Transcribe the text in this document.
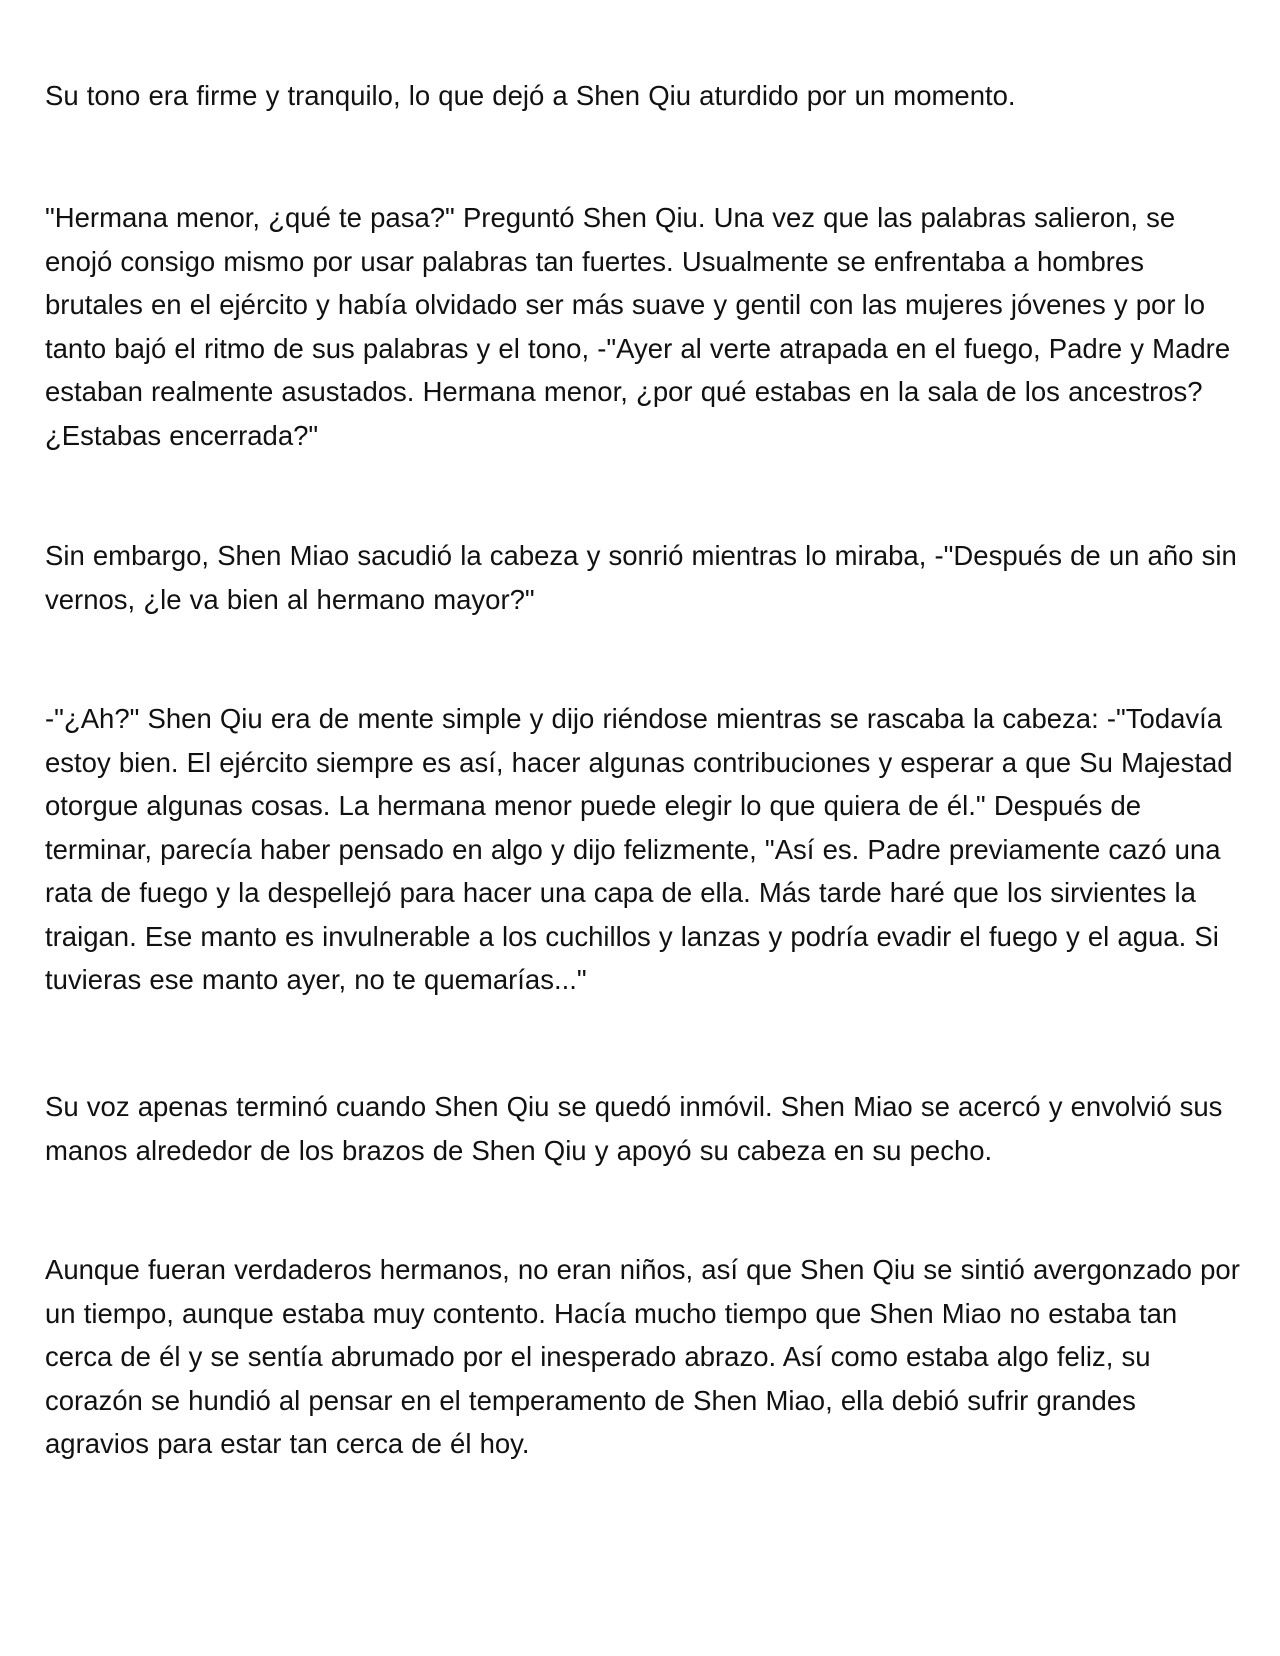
Su tono era firme y tranquilo, lo que dejó a Shen Qiu aturdido por un momento.

"Hermana menor, ¿qué te pasa?" Preguntó Shen Qiu. Una vez que las palabras salieron, se enojó consigo mismo por usar palabras tan fuertes. Usualmente se enfrentaba a hombres brutales en el ejército y había olvidado ser más suave y gentil con las mujeres jóvenes y por lo tanto bajó el ritmo de sus palabras y el tono, -"Ayer al verte atrapada en el fuego, Padre y Madre estaban realmente asustados. Hermana menor, ¿por qué estabas en la sala de los ancestros? ¿Estabas encerrada?"

Sin embargo, Shen Miao sacudió la cabeza y sonrió mientras lo miraba, -"Después de un año sin vernos, ¿le va bien al hermano mayor?"

-"¿Ah?" Shen Qiu era de mente simple y dijo riéndose mientras se rascaba la cabeza: -"Todavía estoy bien. El ejército siempre es así, hacer algunas contribuciones y esperar a que Su Majestad otorgue algunas cosas. La hermana menor puede elegir lo que quiera de él." Después de terminar, parecía haber pensado en algo y dijo felizmente, "Así es. Padre previamente cazó una rata de fuego y la despellejó para hacer una capa de ella. Más tarde haré que los sirvientes la traigan. Ese manto es invulnerable a los cuchillos y lanzas y podría evadir el fuego y el agua. Si tuvieras ese manto ayer, no te quemarías..."

Su voz apenas terminó cuando Shen Qiu se quedó inmóvil. Shen Miao se acercó y envolvió sus manos alrededor de los brazos de Shen Qiu y apoyó su cabeza en su pecho.

Aunque fueran verdaderos hermanos, no eran niños, así que Shen Qiu se sintió avergonzado por un tiempo, aunque estaba muy contento. Hacía mucho tiempo que Shen Miao no estaba tan cerca de él y se sentía abrumado por el inesperado abrazo. Así como estaba algo feliz, su corazón se hundió al pensar en el temperamento de Shen Miao, ella debió sufrir grandes agravios para estar tan cerca de él hoy.
